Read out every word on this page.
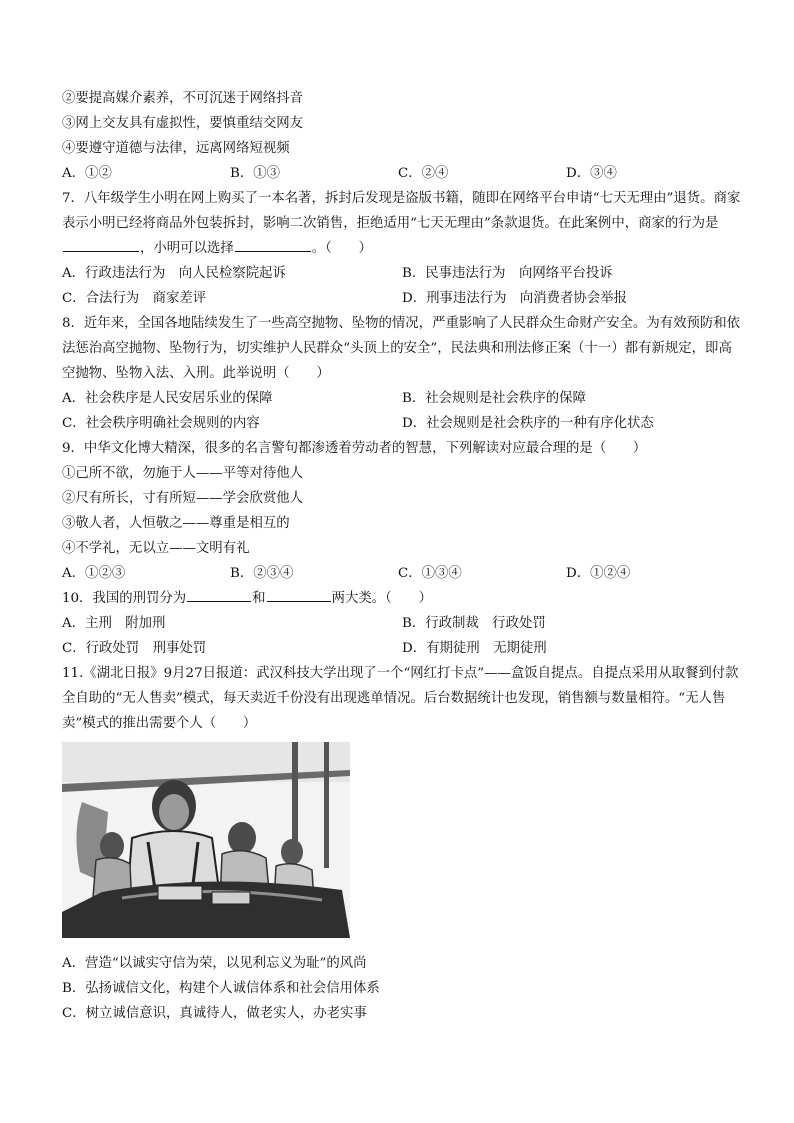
②要提高媒介素养，不可沉迷于网络抖音
③网上交友具有虚拟性，要慎重结交网友
④要遵守道德与法律，远离网络短视频
A．①②	B．①③	C．②④	D．③④
7．八年级学生小明在网上购买了一本名著，拆封后发现是盗版书籍，随即在网络平台申请“七天无理由”退货。商家表示小明已经将商品外包装拆封，影响二次销售，拒绝适用“七天无理由”条款退货。在此案例中，商家的行为是，小明可以选择	。（　　）
A．行政违法行为　向人民检察院起诉	B．民事违法行为　向网络平台投诉
C．合法行为　商家差评	D．刑事违法行为　向消费者协会举报
8．近年来，全国各地陆续发生了一些高空抛物、坠物的情况，严重影响了人民群众生命财产安全。为有效预防和依法惩治高空抛物、坠物行为，切实维护人民群众“头顶上的安全”，民法典和刑法修正案（十一）都有新规定，即高空抛物、坠物入法、入刑。此举说明（　　）
A．社会秩序是人民安居乐业的保障	B．社会规则是社会秩序的保障
C．社会秩序明确社会规则的内容	D．社会规则是社会秩序的一种有序化状态
9．中华文化博大精深，很多的名言警句都渗透着劳动者的智慧，下列解读对应最合理的是（　　）
①己所不欲，勿施于人——平等对待他人
②尺有所长，寸有所短——学会欣赏他人
③敬人者，人恒敬之——尊重是相互的
④不学礼，无以立——文明有礼
A．①②③	B．②③④	C．①③④	D．①②④
10．我国的刑罚分为	和	两大类。（　　）
A．主刑　附加刑	B．行政制裁　行政处罚
C．行政处罚　刑事处罚	D．有期徒刑　无期徒刑
11.《湖北日报》9月27日报道：武汉科技大学出现了一个“网红打卡点”——盒饭自提点。自提点采用从取餐到付款全自助的“无人售卖”模式，每天卖近千份没有出现逃单情况。后台数据统计也发现，销售额与数量相符。“无人售卖”模式的推出需要个人（　　）
A．营造“以诚实守信为荣，以见利忘义为耻”的风尚
B．弘扬诚信文化，构建个人诚信体系和社会信用体系
C．树立诚信意识，真诚待人，做老实人，办老实事
